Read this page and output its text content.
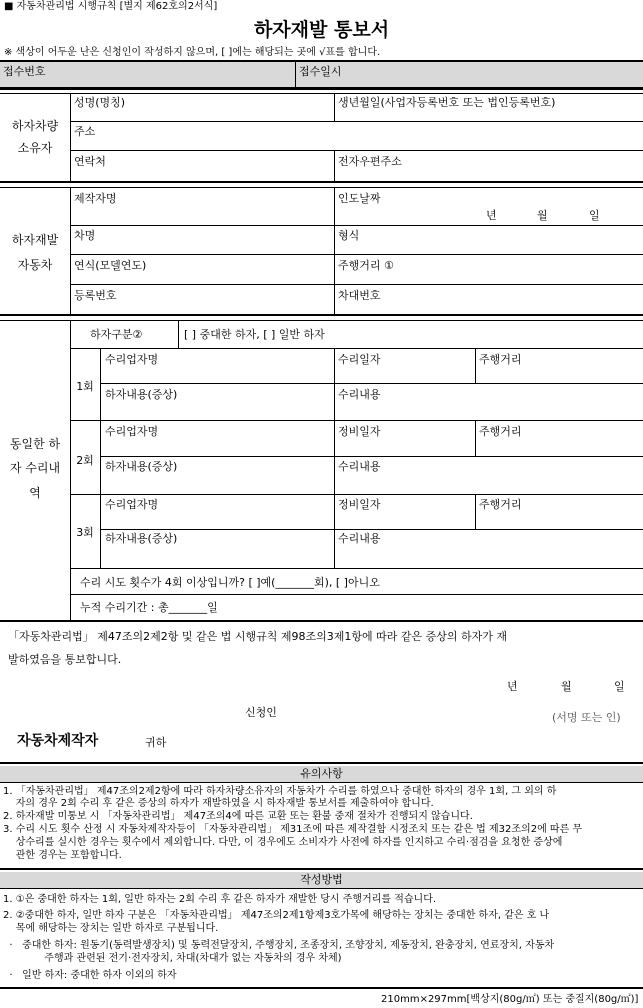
■ 자동차관리법 시행규칙 [별지 제62호의2서식]
하자재발 통보서
※ 색상이 어두운 난은 신청인이 작성하지 않으며, [ ]에는 해당되는 곳에 √표를 합니다.
접수번호	접수일시
하자차량
소유자
성명(명칭)	생년월일(사업자등록번호 또는 법인등록번호)
주소
연락처	전자우편주소
하자재발
자동차
제작자명	인도날짜
년	월	일
차명	형식
연식(모델연도)	주행거리 ①
등록번호	차대번호
동일한 하
자 수리내
역
하자구분②	[ ] 중대한 하자, [ ] 일반 하자
1회
수리업자명	수리일자	주행거리
하자내용(증상)	수리내용
2회
수리업자명	정비일자	주행거리
하자내용(증상)	수리내용
3회
수리업자명	정비일자	주행거리
하자내용(증상)	수리내용
수리 시도 횟수가 4회 이상입니까? [ ]예(_______회), [ ]아니오
누적 수리기간 : 총_______일
「자동차관리법」 제47조의2제2항 및 같은 법 시행규칙 제98조의3제1항에 따라 같은 증상의 하자가 재
발하였음을 통보합니다.
년	월	일
신청인	(서명 또는 인)
자동차제작자	귀하
유의사항
1. 「자동차관리법」 제47조의2제2항에 따라 하자차량소유자의 자동차가 수리를 하였으나 중대한 하자의 경우 1회, 그 외의 하
자의 경우 2회 수리 후 같은 증상의 하자가 재발하였을 시 하자재발 통보서를 제출하여야 합니다.
2. 하자재발 미통보 시 「자동차관리법」 제47조의4에 따른 교환 또는 환불 중재 절차가 진행되지 않습니다.
3. 수리 시도 횟수 산정 시 자동차제작자등이 「자동차관리법」 제31조에 따른 제작결함 시정조치 또는 같은 법 제32조의2에 따른 무
상수리를 실시한 경우는 횟수에서 제외합니다. 다만, 이 경우에도 소비자가 사전에 하자를 인지하고 수리·점검을 요청한 증상에
관한 경우는 포함합니다.
작성방법
1. ①은 중대한 하자는 1회, 일반 하자는 2회 수리 후 같은 하자가 재발한 당시 주행거리를 적습니다.
2. ②중대한 하자, 일반 하자 구분은 「자동차관리법」 제47조의2제1항제3호가목에 해당하는 장치는 중대한 하자, 같은 호 나
목에 해당하는 장치는 일반 하자로 구분됩니다.
·   중대한 하자: 원동기(동력발생장치) 및 동력전달장치, 주행장치, 조종장치, 조향장치, 제동장치, 완충장치, 연료장치, 자동차
주행과 관련된 전기·전자장치, 차대(차대가 없는 자동차의 경우 차체)
·   일반 하자: 중대한 하자 이외의 하자
210mm×297mm[백상지(80g/㎡) 또는 중질지(80g/㎡)]
